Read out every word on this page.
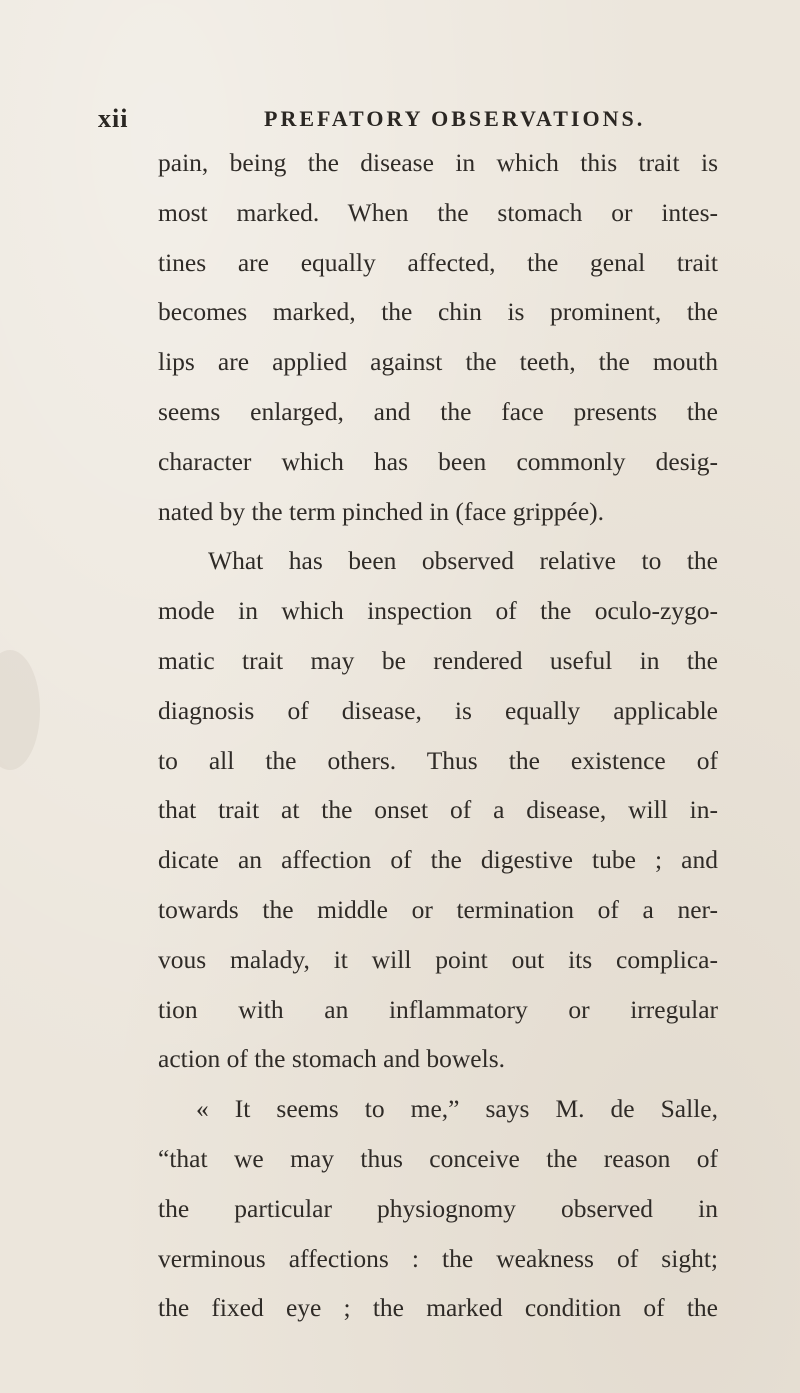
xii	PREFATORY OBSERVATIONS.
pain, being the disease in which this trait is
most marked. When the stomach or intes-
tines are equally affected, the genal trait
becomes marked, the chin is prominent, the
lips are applied against the teeth, the mouth
seems enlarged, and the face presents the
character which has been commonly desig-
nated by the term pinched in (face grippée).
What has been observed relative to the
mode in which inspection of the oculo-zygo-
matic trait may be rendered useful in the
diagnosis of disease, is equally applicable
to all the others. Thus the existence of
that trait at the onset of a disease, will in-
dicate an affection of the digestive tube ; and
towards the middle or termination of a ner-
vous malady, it will point out its complica-
tion with an inflammatory or irregular
action of the stomach and bowels.
« It seems to me,” says M. de Salle,
“that we may thus conceive the reason of
the particular physiognomy observed in
verminous affections : the weakness of sight;
the fixed eye ; the marked condition of the
